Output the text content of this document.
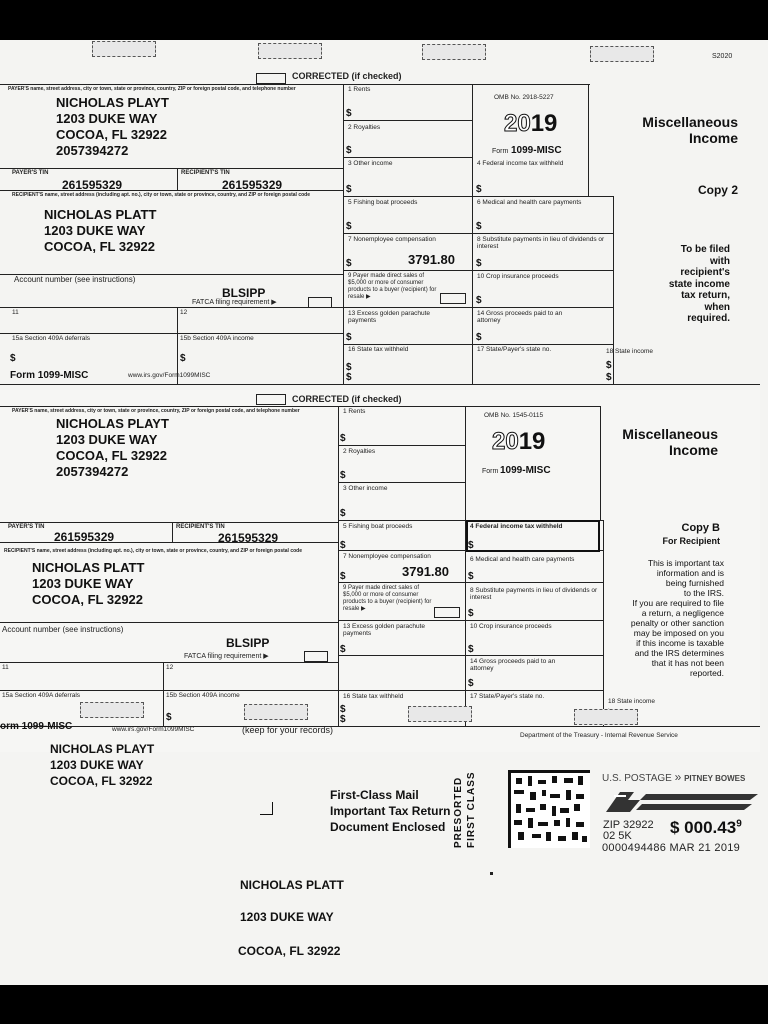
S2020
CORRECTED (if checked)
PAYER'S name, street address, city or town, state or province, country, ZIP or foreign postal code, and telephone number
NICHOLAS PLAYT
1203 DUKE WAY
COCOA, FL 32922
2057394272
PAYER'S TIN	RECIPIENT'S TIN
261595329	261595329
RECIPIENT'S name, street address (including apt. no.), city or town, state or province, country, and ZIP or foreign postal code
NICHOLAS PLATT
1203 DUKE WAY
COCOA, FL 32922
Account number (see instructions)
BLSIPP
FATCA filing requirement ▶
11	12
15a Section 409A deferrals	15b Section 409A income
$	$
1 Rents
$
2 Royalties
$
3 Other income
$
5 Fishing boat proceeds
$
7 Nonemployee compensation
$	3791.80
9 Payer made direct sales of $5,000 or more of consumer products to a buyer (recipient) for resale ▶
13 Excess golden parachute payments
$
16 State tax withheld
$
$
OMB No. 2918-5227
2019
Form 1099-MISC
4 Federal income tax withheld
$
6 Medical and health care payments
$
8 Substitute payments in lieu of dividends or interest
$
10 Crop insurance proceeds
$
14 Gross proceeds paid to an attorney
$
17 State/Payer's state no.	18 State income
$
$
Miscellaneous
Income
Copy 2
To be filed
with
recipient's
state income
tax return,
when
required.
Form 1099-MISC	www.irs.gov/Form1099MISC
CORRECTED (if checked)
PAYER'S name, street address, city or town, state or province, country, ZIP or foreign postal code, and telephone number
NICHOLAS PLAYT
1203 DUKE WAY
COCOA, FL 32922
2057394272
PAYER'S TIN	RECIPIENT'S TIN
261595329	261595329
RECIPIENT'S name, street address (including apt. no.), city or town, state or province, country, and ZIP or foreign postal code
NICHOLAS PLATT
1203 DUKE WAY
COCOA, FL 32922
Account number (see instructions)
BLSIPP
FATCA filing requirement ▶
11	12
15a Section 409A deferrals	15b Section 409A income
$
1 Rents
$
2 Royalties
$
3 Other income
$
5 Fishing boat proceeds
$
7 Nonemployee compensation
$	3791.80
9 Payer made direct sales of $5,000 or more of consumer products to a buyer (recipient) for resale ▶
13 Excess golden parachute payments
$
16 State tax withheld
$
$
OMB No. 1545-0115
2019
Form 1099-MISC
4 Federal income tax withheld
$
6 Medical and health care payments
$
8 Substitute payments in lieu of dividends or interest
$
10 Crop insurance proceeds
$
14 Gross proceeds paid to an attorney
$
17 State/Payer's state no.
18 State income
Miscellaneous
Income
Copy B
For Recipient
This is important tax
information and is
being furnished
to the IRS.
If you are required to file
a return, a negligence
penalty or other sanction
may be imposed on you
if this income is taxable
and the IRS determines
that it has not been
reported.
orm 1099-MISC	www.irs.gov/Form1099MISC	(keep for your records)
Department of the Treasury - Internal Revenue Service
NICHOLAS PLAYT
1203 DUKE WAY
COCOA, FL 32922
First-Class Mail
Important Tax Return
Document Enclosed PRESORTED FIRST CLASS	U.S. POSTAGE » PITNEY BOWES
ZIP 32922
02 5K	$ 000.43$^9$
0000494486 MAR 21 2019
NICHOLAS PLATT
1203 DUKE WAY
COCOA, FL 32922
